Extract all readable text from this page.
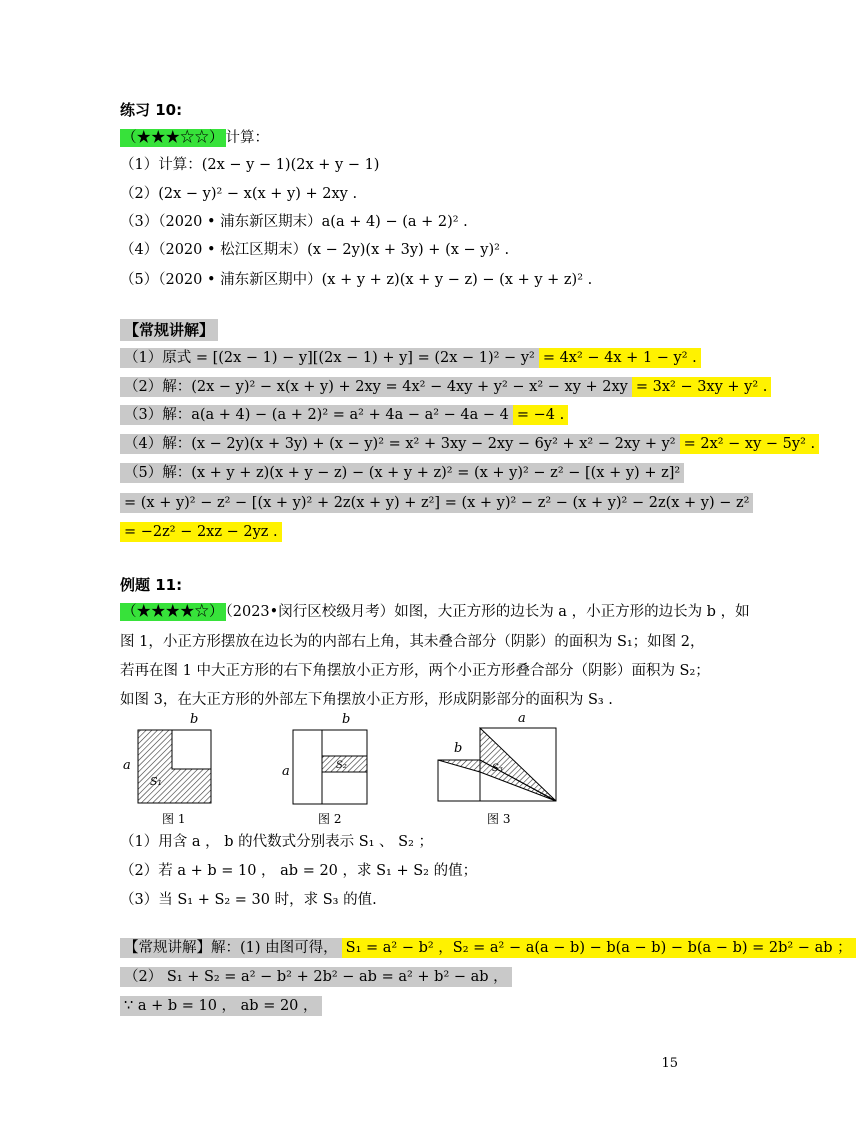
练习 10:
（★★★☆☆） 计算：
（1）计算：(2x − y − 1)(2x + y − 1)
（2）(2x − y)² − x(x + y) + 2xy .
（3）（2020 • 浦东新区期末）a(a + 4) − (a + 2)² .
（4）（2020 • 松江区期末）(x − 2y)(x + 3y) + (x − y)² .
（5）（2020 • 浦东新区期中）(x + y + z)(x + y − z) − (x + y + z)² .
【常规讲解】
（1）原式 = [(2x − 1) − y][(2x − 1) + y] = (2x − 1)² − y² = 4x² − 4x + 1 − y² .
（2）解：(2x − y)² − x(x + y) + 2xy = 4x² − 4xy + y² − x² − xy + 2xy = 3x² − 3xy + y² .
（3）解：a(a + 4) − (a + 2)² = a² + 4a − a² − 4a − 4 = −4 .
（4）解：(x − 2y)(x + 3y) + (x − y)² = x² + 3xy − 2xy − 6y² + x² − 2xy + y² = 2x² − xy − 5y² .
（5）解：(x + y + z)(x + y − z) − (x + y + z)² = (x + y)² − z² − [(x + y) + z]²
= (x + y)² − z² − [(x + y)² + 2z(x + y) + z²] = (x + y)² − z² − (x + y)² − 2z(x + y) − z²
= −2z² − 2xz − 2yz .
例题 11:
（★★★★☆） （2023•闵行区校级月考）如图，大正方形的边长为 a ，小正方形的边长为 b ，如
图 1，小正方形摆放在边长为的内部右上角，其未叠合部分（阴影）的面积为 S₁；如图 2，
若再在图 1 中大正方形的右下角摆放小正方形，两个小正方形叠合部分（阴影）面积为 S₂；
如图 3，在大正方形的外部左下角摆放小正方形，形成阴影部分的面积为 S₃ .
b
a
S₁
b
a	S₂
a
b
S₃
图 1	图 2	图 3
（1）用含 a ， b 的代数式分别表示 S₁ 、 S₂ ；
（2）若 a + b = 10 ， ab = 20 ，求 S₁ + S₂ 的值；
（3）当 S₁ + S₂ = 30 时，求 S₃ 的值.
【常规讲解】解：(1) 由图可得， S₁ = a² − b² ，S₂ = a² − a(a − b) − b(a − b) − b(a − b) = 2b² − ab ；
（2） S₁ + S₂ = a² − b² + 2b² − ab = a² + b² − ab ，
∵ a + b = 10 ， ab = 20 ，
15
